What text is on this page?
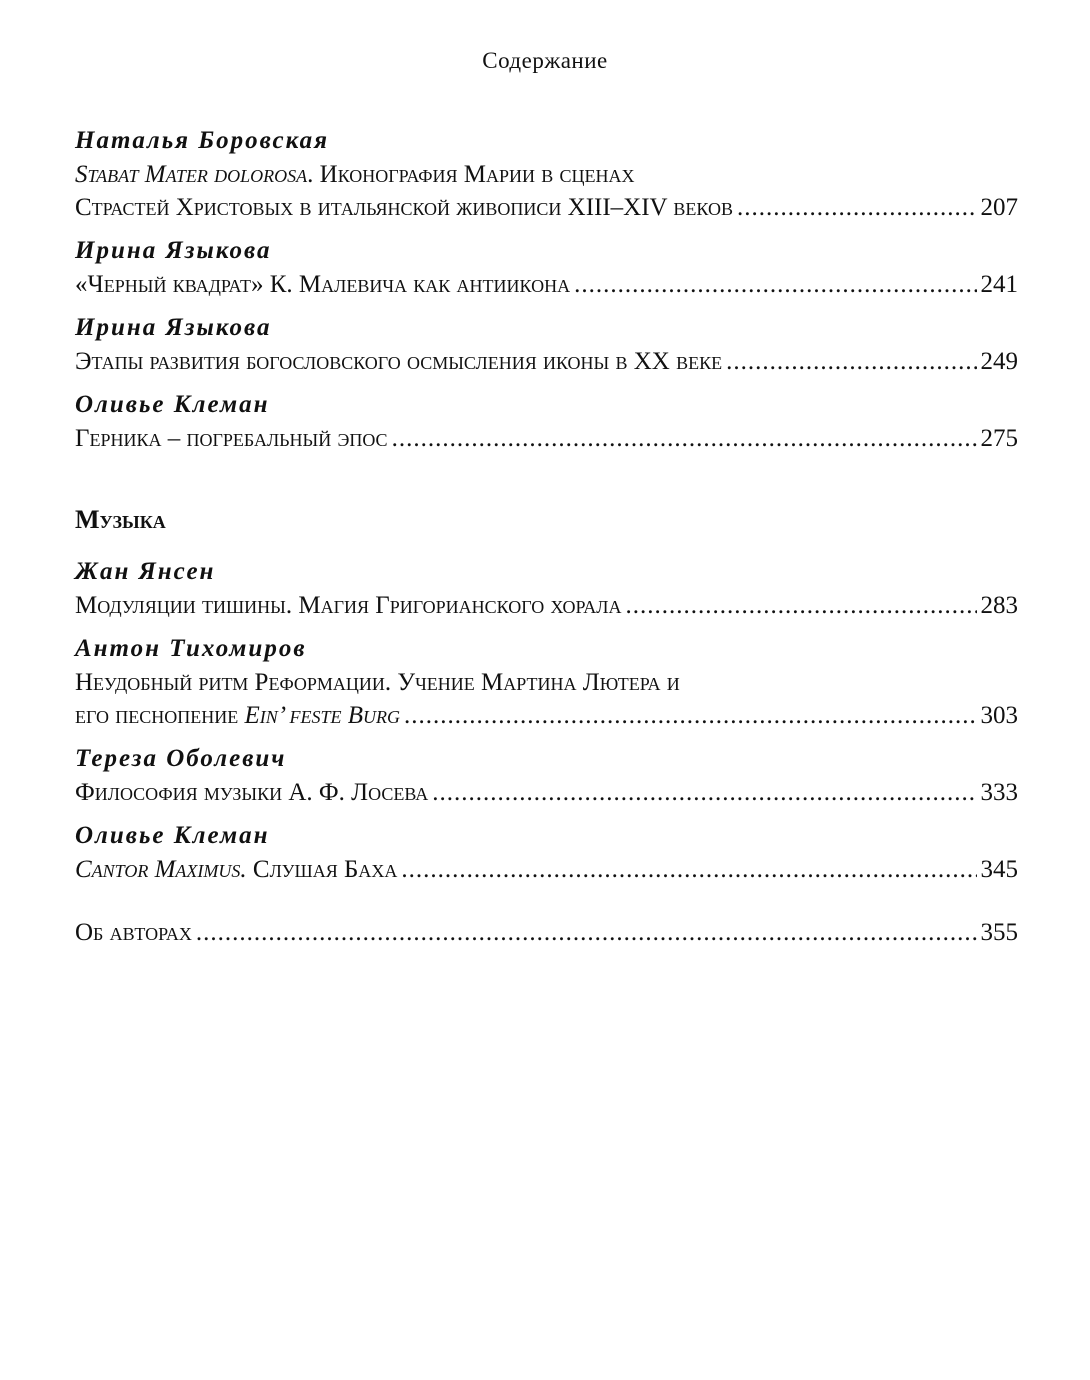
Содержание
Наталья Боровская
Stabat Mater dolorosa. Иконография Марии в сценах
Страстей Христовых в итальянской живописи XIII–XIV веков .....	207
Ирина Языкова
«Черный квадрат» К. Малевича как антиикона .....	241
Ирина Языкова
Этапы развития богословского осмысления иконы в XX веке .....	249
Оливье Клеман
Герника – погребальный эпос .....	275
Музыка
Жан Янсен
Модуляции тишины. Магия Григорианского хорала .....	283
Антон Тихомиров
Неудобный ритм Реформации. Учение Мартина Лютера и
его песнопение Ein’ feste Burg .....	303
Тереза Оболевич
Философия музыки А. Ф. Лосева .....	333
Оливье Клеман
Cantor Maximus. Слушая Баха .....	345
Об авторах .....	355
